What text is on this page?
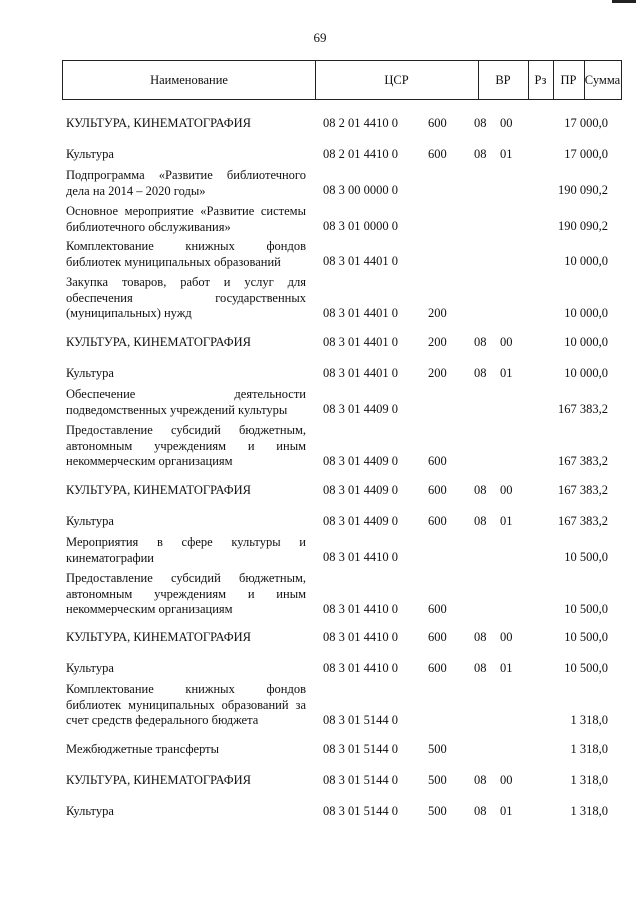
69
Наименование	ЦСР	ВР	Рз	ПР Сумма
КУЛЬТУРА, КИНЕМАТОГРАФИЯ	08 2 01 4410 0 600 08 00	17 000,0
Культура	08 2 01 4410 0 600 08 01	17 000,0
Подпрограмма «Развитие библиотечного дела на 2014 – 2020 годы»	08 3 00 0000 0	190 090,2
Основное мероприятие «Развитие системы библиотечного обслуживания»	08 3 01 0000 0	190 090,2
Комплектование книжных фондов библиотек муниципальных образований	08 3 01 4401 0	10 000,0
Закупка товаров, работ и услуг для обеспечения государственных (муниципальных) нужд	08 3 01 4401 0 200	10 000,0
КУЛЬТУРА, КИНЕМАТОГРАФИЯ	08 3 01 4401 0 200 08 00	10 000,0
Культура	08 3 01 4401 0 200 08 01	10 000,0
Обеспечение деятельности подведомственных учреждений культуры	08 3 01 4409 0	167 383,2
Предоставление субсидий бюджетным, автономным учреждениям и иным некоммерческим организациям	08 3 01 4409 0 600	167 383,2
КУЛЬТУРА, КИНЕМАТОГРАФИЯ	08 3 01 4409 0 600 08 00	167 383,2
Культура	08 3 01 4409 0 600 08 01	167 383,2
Мероприятия в сфере культуры и кинематографии	08 3 01 4410 0	10 500,0
Предоставление субсидий бюджетным, автономным учреждениям и иным некоммерческим организациям	08 3 01 4410 0 600	10 500,0
КУЛЬТУРА, КИНЕМАТОГРАФИЯ	08 3 01 4410 0 600 08 00	10 500,0
Культура	08 3 01 4410 0 600 08 01	10 500,0
Комплектование книжных фондов библиотек муниципальных образований за счет средств федерального бюджета	08 3 01 5144 0	1 318,0
Межбюджетные трансферты	08 3 01 5144 0 500	1 318,0
КУЛЬТУРА, КИНЕМАТОГРАФИЯ	08 3 01 5144 0 500 08 00	1 318,0
Культура	08 3 01 5144 0 500 08 01	1 318,0
